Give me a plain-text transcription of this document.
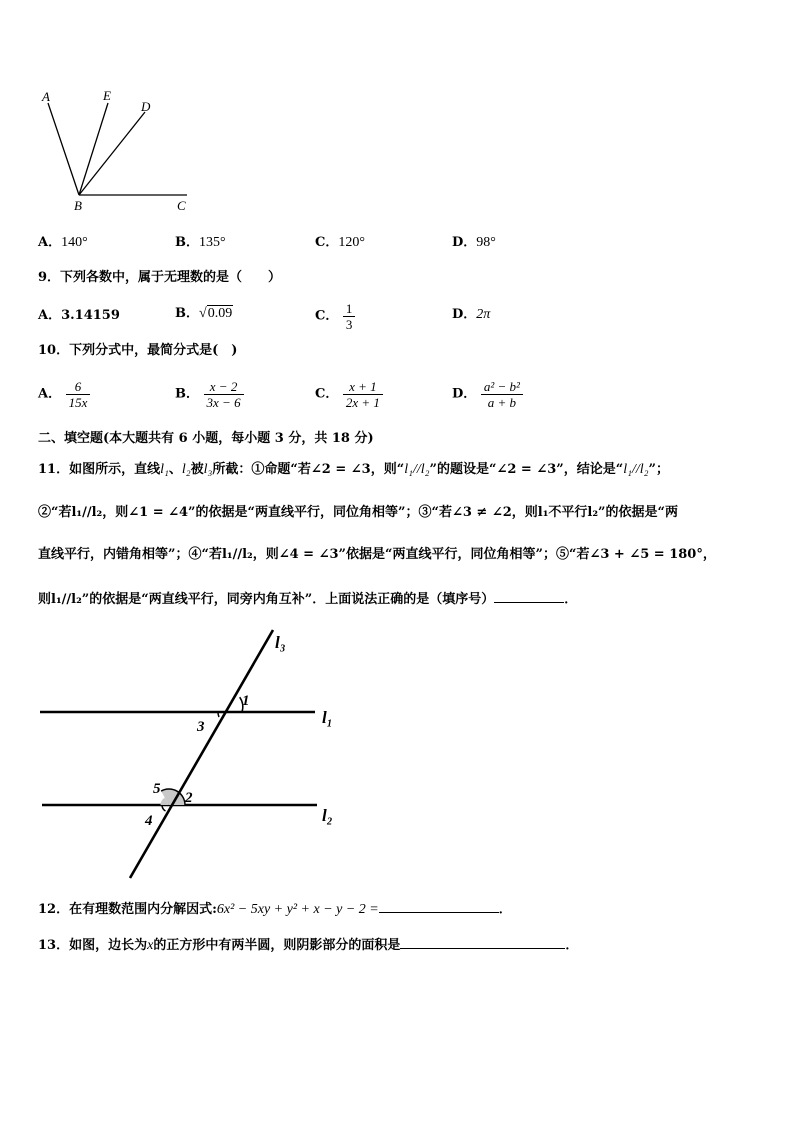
A	E
D
B	C
A．140°	B．135°	C．120°	D．98°
9．下列各数中，属于无理数的是（　　）
A．3.14159	B．√0.09	C． $\frac{1}{3}$	D．2π
10．下列分式中，最简分式是(　)
A． $\frac{6}{15x}$	B． $\frac{x - 2}{3x - 6}$	C． $\frac{x + 1}{2x + 1}$	D． $\frac{\text{a² − b²}}{a + b}$
二、填空题(本大题共有 6 小题，每小题 3 分，共 18 分)
11．如图所示，直线l₁、l₂被l₃所截：①命题“若∠2 = ∠3，则“l₁//l₂”的题设是“∠2 = ∠3”，结论是“l₁//l₂”；
②“若l₁//l₂，则∠1 = ∠4”的依据是“两直线平行，同位角相等”；③“若∠3 ≠ ∠2，则l₁不平行l₂”的依据是“两
直线平行，内错角相等”；④“若l₁//l₂，则∠4 = ∠3”依据是“两直线平行，同位角相等”；⑤“若∠3 + ∠5 = 180°，
则l₁//l₂”的依据是“两直线平行，同旁内角互补”．上面说法正确的是（填序号）	．
l₃
l₁
l₂
1
3
5
2
4
12．在有理数范围内分解因式:6x² − 5xy + y² + x − y − 2 =	．
13．如图，边长为x的正方形中有两半圆，则阴影部分的面积是	．
